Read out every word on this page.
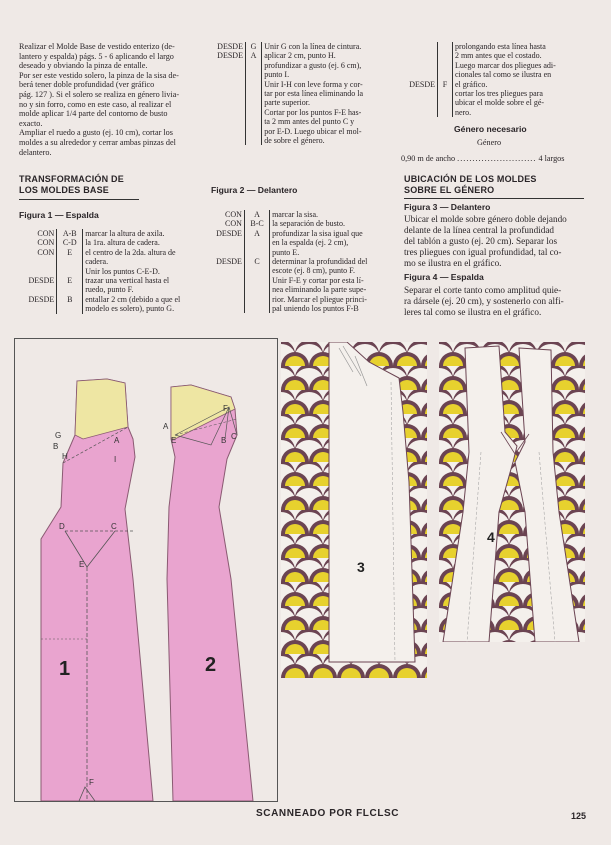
Realizar el Molde Base de vestido enterizo (de-

lantero y espalda) págs. 5 - 6 aplicando el largo

deseado y obviando la pinza de entalle.

Por ser este vestido solero, la pinza de la sisa de-

berá tener doble profundidad (ver gráfico

pág. 127 ). Si el solero se realiza en género livia-

no y sin forro, como en este caso, al realizar el

molde aplicar 1/4 parte del contorno de busto

exacto.

Ampliar el ruedo a gusto (ej. 10 cm), cortar los

moldes a su alrededor y cerrar ambas pinzas del

delantero.

TRANSFORMACIÓN DE
LOS MOLDES BASE
Figura 1 — Espalda
CON	A-B	marcar la altura de axila.
CON	C-D	la 1ra. altura de cadera.
CON	E	el centro de la 2da. altura de
		cadera.
		Unir los puntos C-E-D.
DESDE	E	trazar una vertical hasta el
		ruedo, punto F.
DESDE	B	entallar 2 cm (debido a que el
		modelo es solero), punto G.
DESDE	G	Unir G con la línea de cintura.
DESDE	A	aplicar 2 cm, punto H.
		profundizar a gusto (ej. 6 cm),
		punto I.
		Unir I-H con leve forma y cor-
		tar por esta línea eliminando la
		parte superior.
		Cortar por los puntos F-E has-
		ta 2 mm antes del punto C y
		por E-D. Luego ubicar el mol-
		de sobre el género.
Figura 2 — Delantero
CON	A	marcar la sisa.
CON	B-C	la separación de busto.
DESDE	A	profundizar la sisa igual que
		en la espalda (ej. 2 cm),
		punto E.
DESDE	C	determinar la profundidad del
		escote (ej. 8 cm), punto F.
		Unir F-E y cortar por esta lí-
		nea eliminando la parte supe-
		rior. Marcar el pliegue princi-
		pal uniendo los puntos F-B
		prolongando esta línea hasta
		2 mm antes que el costado.
		Luego marcar dos pliegues adi-
		cionales tal como se ilustra en
DESDE	F	el gráfico.
		cortar los tres pliegues para
		ubicar el molde sobre el gé-
		nero.
Género necesario
Género
0,90 m de ancho .......................... 4 largos
UBICACIÓN DE LOS MOLDES
SOBRE EL GÉNERO
Figura 3 — Delantero
Ubicar el molde sobre género doble dejando
delante de la línea central la profundidad
del tablón a gusto (ej. 20 cm). Separar los
tres pliegues con igual profundidad, tal co-
mo se ilustra en el gráfico.
Figura 4 — Espalda
Separar el corte tanto como amplitud quie-
ra dársele (ej. 20 cm), y sostenerlo con alfi-
leres tal como se ilustra en el gráfico.
G
B
H
A
I
D	C
E
F
1
A
E
F
B C
2
3
4
SCANNEADO POR FLCLSC	125
